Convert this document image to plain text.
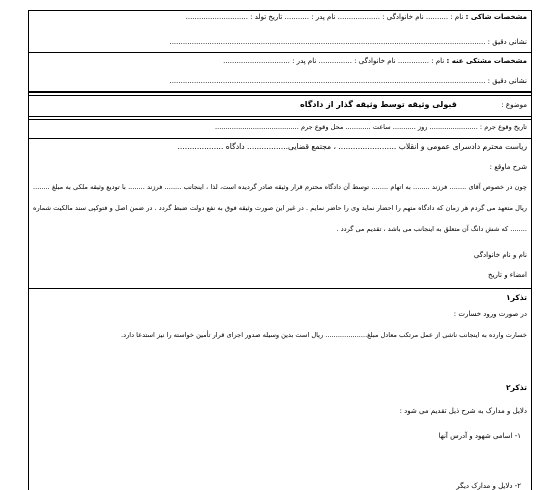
مشخصات شاکی : نام : .......... نام خانوادگی : ................... نام پدر : ........... تاریخ تولد : ............................
نشانی دقیق : ..............................................................................................................................................
مشخصات مشتکی عنه : نام : .............. نام خانوادگی : ............... نام پدر : ..............................
نشانی دقیق : ..............................................................................................................................................
موضوع :  قبولی وثیقه توسط وثیقه گذار از دادگاه
تاریخ وقوع جرم : ....................... روز ........... ساعت ............ محل وقوع جرم ........................................
ریاست محترم دادسرای عمومی و انقلاب ........................ ، مجتمع قضایی................. دادگاه ...................
شرح ماوقع :
چون در خصوص آقای ........ فرزند ........ به اتهام ........ توسط آن دادگاه محترم قرار وثیقه صادر گردیده است، لذا ، اینجانب ........ فرزند ........ با تودیع وثیقه ملکی به مبلغ ........ ریال متعهد می گردم هر زمان که دادگاه متهم را احضار نماید وی را حاضر نمایم . در غیر این صورت وثیقه فوق به نفع دولت ضبط گردد . در ضمن اصل و فتوکپی سند مالکیت شماره ........ که شش دانگ آن متعلق به اینجانب می باشد ، تقدیم می گردد .
نام و نام خانوادگی
امضاء و تاریخ
تذکر۱
در صورت ورود خسارت :
خسارت وارده به اینجانب ناشی از عمل مرتکب معادل مبلغ.................... ریال است بدین وسیله صدور اجرای قرار تأمین خواسته را نیز استدعا دارد.
تذکر۲
دلایل و مدارک به شرح ذیل تقدیم می شود :
۱- اسامی شهود و آدرس آنها
۲- دلایل و مدارک دیگر
